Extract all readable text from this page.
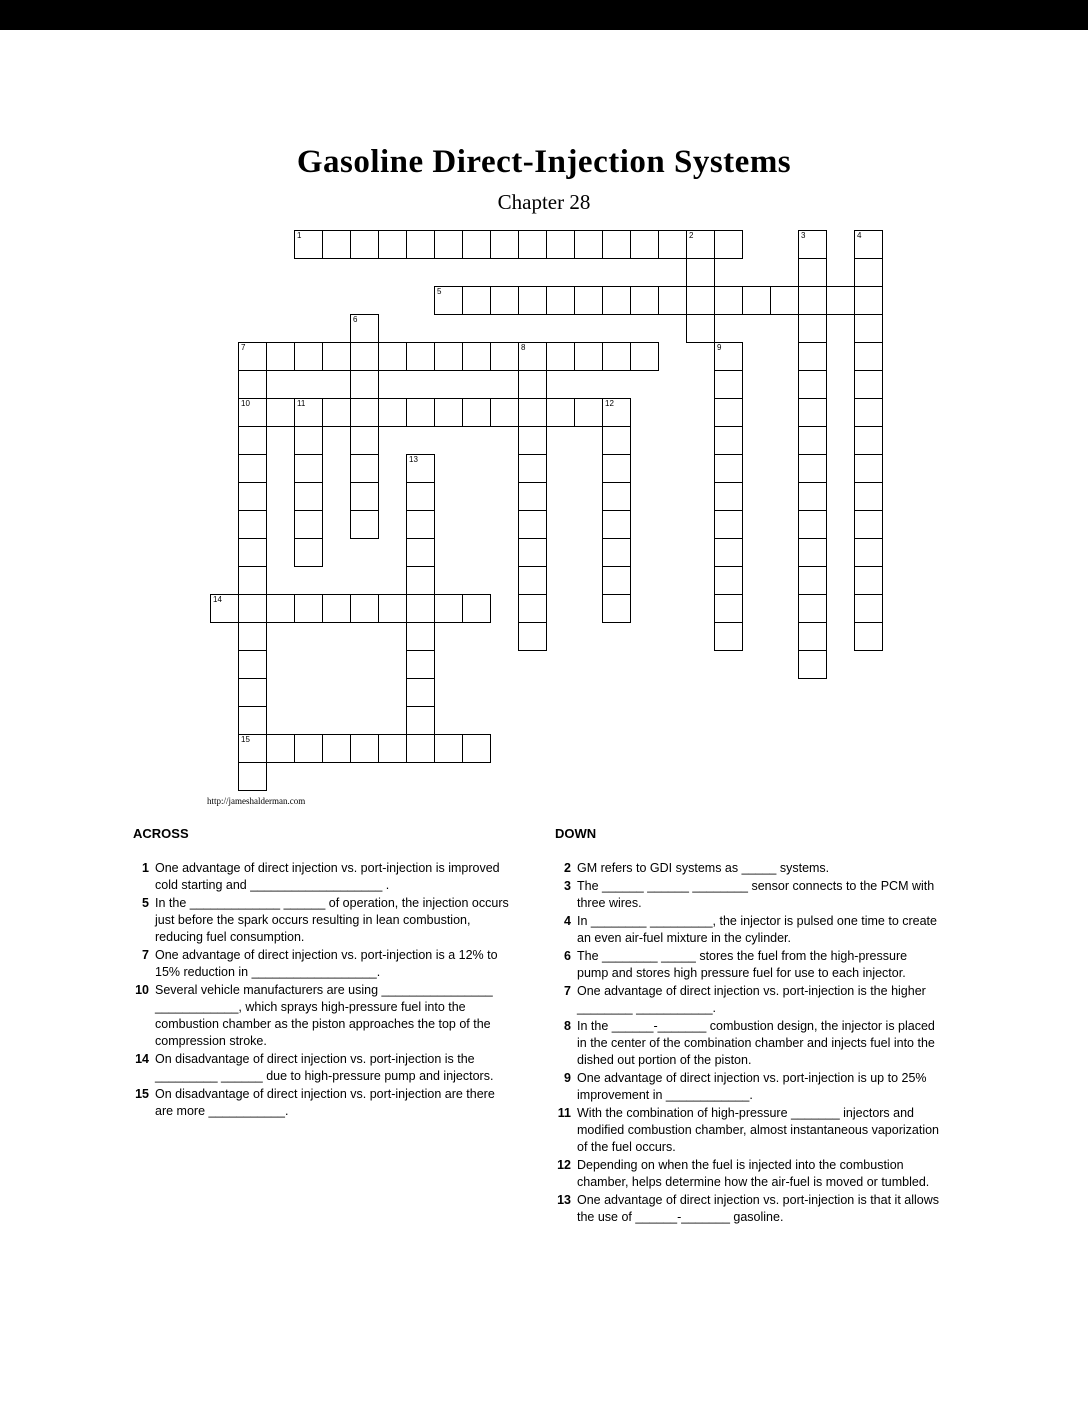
Gasoline Direct-Injection Systems
Chapter 28
1	2	3	4
5
6
7	8	9
10	11	12
13
14
15
http://jameshalderman.com
ACROSS	DOWN
1 One advantage of direct injection vs. port-injection is improved cold starting and ___________________ .
5 In the _____________ ______ of operation, the injection occurs just before the spark occurs resulting in lean combustion, reducing fuel consumption.
7 One advantage of direct injection vs. port-injection is a 12% to 15% reduction in __________________.
10 Several vehicle manufacturers are using ________________ ____________, which sprays high-pressure fuel into the combustion chamber as the piston approaches the top of the compression stroke.
14 On disadvantage of direct injection vs. port-injection is the _________ ______ due to high-pressure pump and injectors.
15 On disadvantage of direct injection vs. port-injection are there are more ___________.
2 GM refers to GDI systems as _____ systems.
3 The ______ ______ ________ sensor connects to the PCM with three wires.
4 In ________ _________, the injector is pulsed one time to create an even air-fuel mixture in the cylinder.
6 The ________ _____ stores the fuel from the high-pressure pump and stores high pressure fuel for use to each injector.
7 One advantage of direct injection vs. port-injection is the higher ________ ___________.
8 In the ______-_______ combustion design, the injector is placed in the center of the combination chamber and injects fuel into the dished out portion of the piston.
9 One advantage of direct injection vs. port-injection is up to 25% improvement in ____________.
11 With the combination of high-pressure _______ injectors and modified combustion chamber, almost instantaneous vaporization of the fuel occurs.
12 Depending on when the fuel is injected into the combustion chamber, helps determine how the air-fuel is moved or tumbled.
13 One advantage of direct injection vs. port-injection is that it allows the use of ______-_______ gasoline.
